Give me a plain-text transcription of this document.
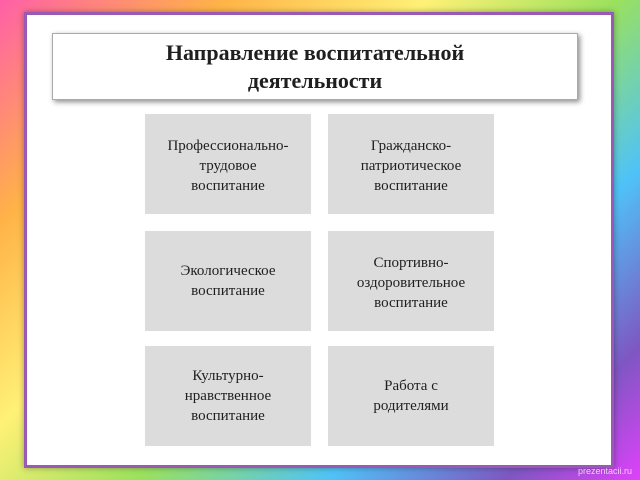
Направление воспитательной деятельности
Профессионально-
трудовое
воспитание
Гражданско-
патриотическое
воспитание
Экологическое
воспитание
Спортивно-
оздоровительное
воспитание
Культурно-
нравственное
воспитание
Работа с
родителями
prezentacii.ru
